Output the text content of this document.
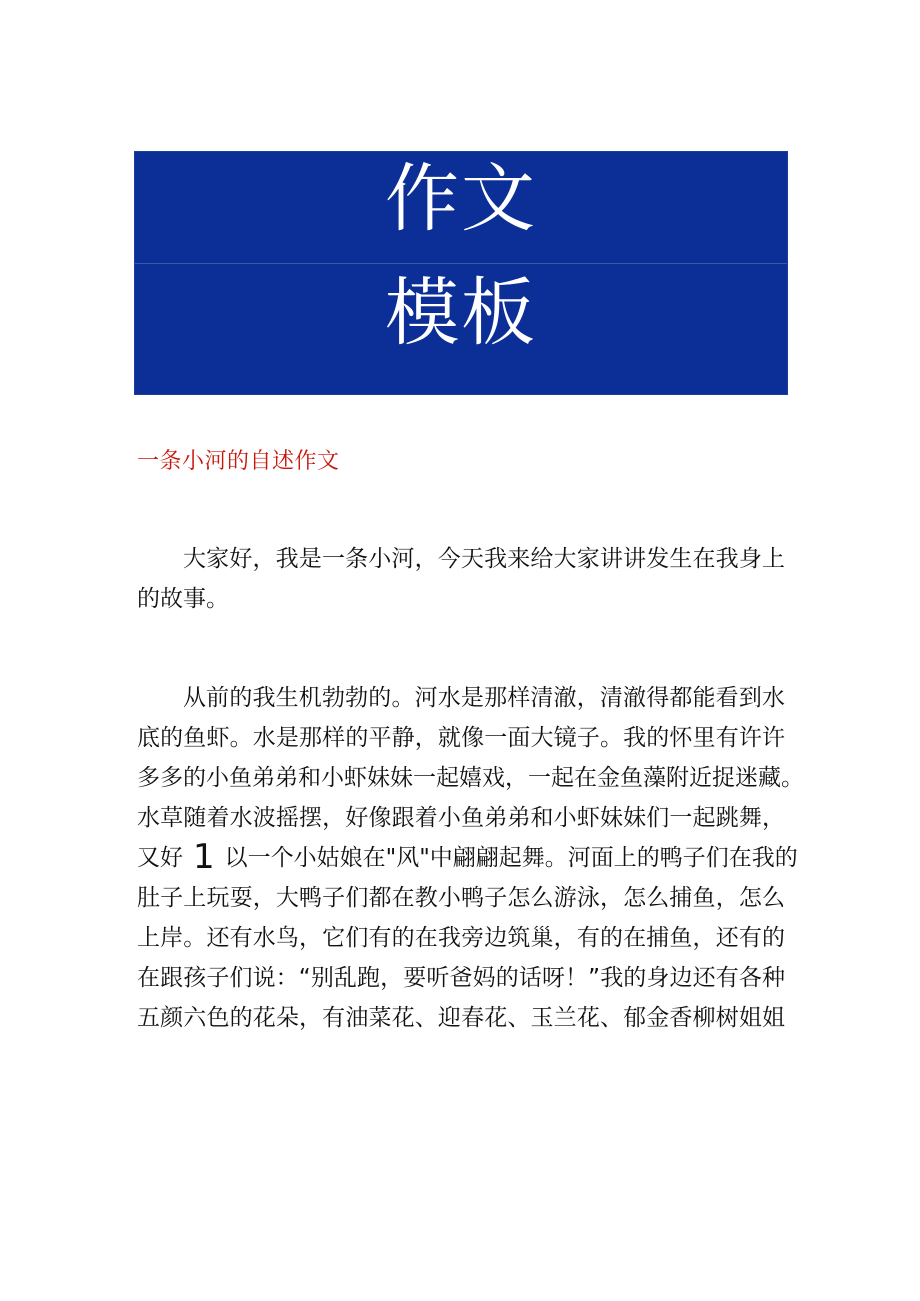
作文
模板
一条小河的自述作文
大家好，我是一条小河，今天我来给大家讲讲发生在我身上
的故事。
从前的我生机勃勃的。河水是那样清澈，清澈得都能看到水
底的鱼虾。水是那样的平静，就像一面大镜子。我的怀里有许许
多多的小鱼弟弟和小虾妹妹一起嬉戏，一起在金鱼藻附近捉迷藏。
水草随着水波摇摆，好像跟着小鱼弟弟和小虾妹妹们一起跳舞，
又好 1 以一个小姑娘在"风"中翩翩起舞。河面上的鸭子们在我的
肚子上玩耍，大鸭子们都在教小鸭子怎么游泳，怎么捕鱼，怎么
上岸。还有水鸟，它们有的在我旁边筑巢，有的在捕鱼，还有的
在跟孩子们说：“别乱跑，要听爸妈的话呀！”我的身边还有各种
五颜六色的花朵，有油菜花、迎春花、玉兰花、郁金香柳树姐姐
